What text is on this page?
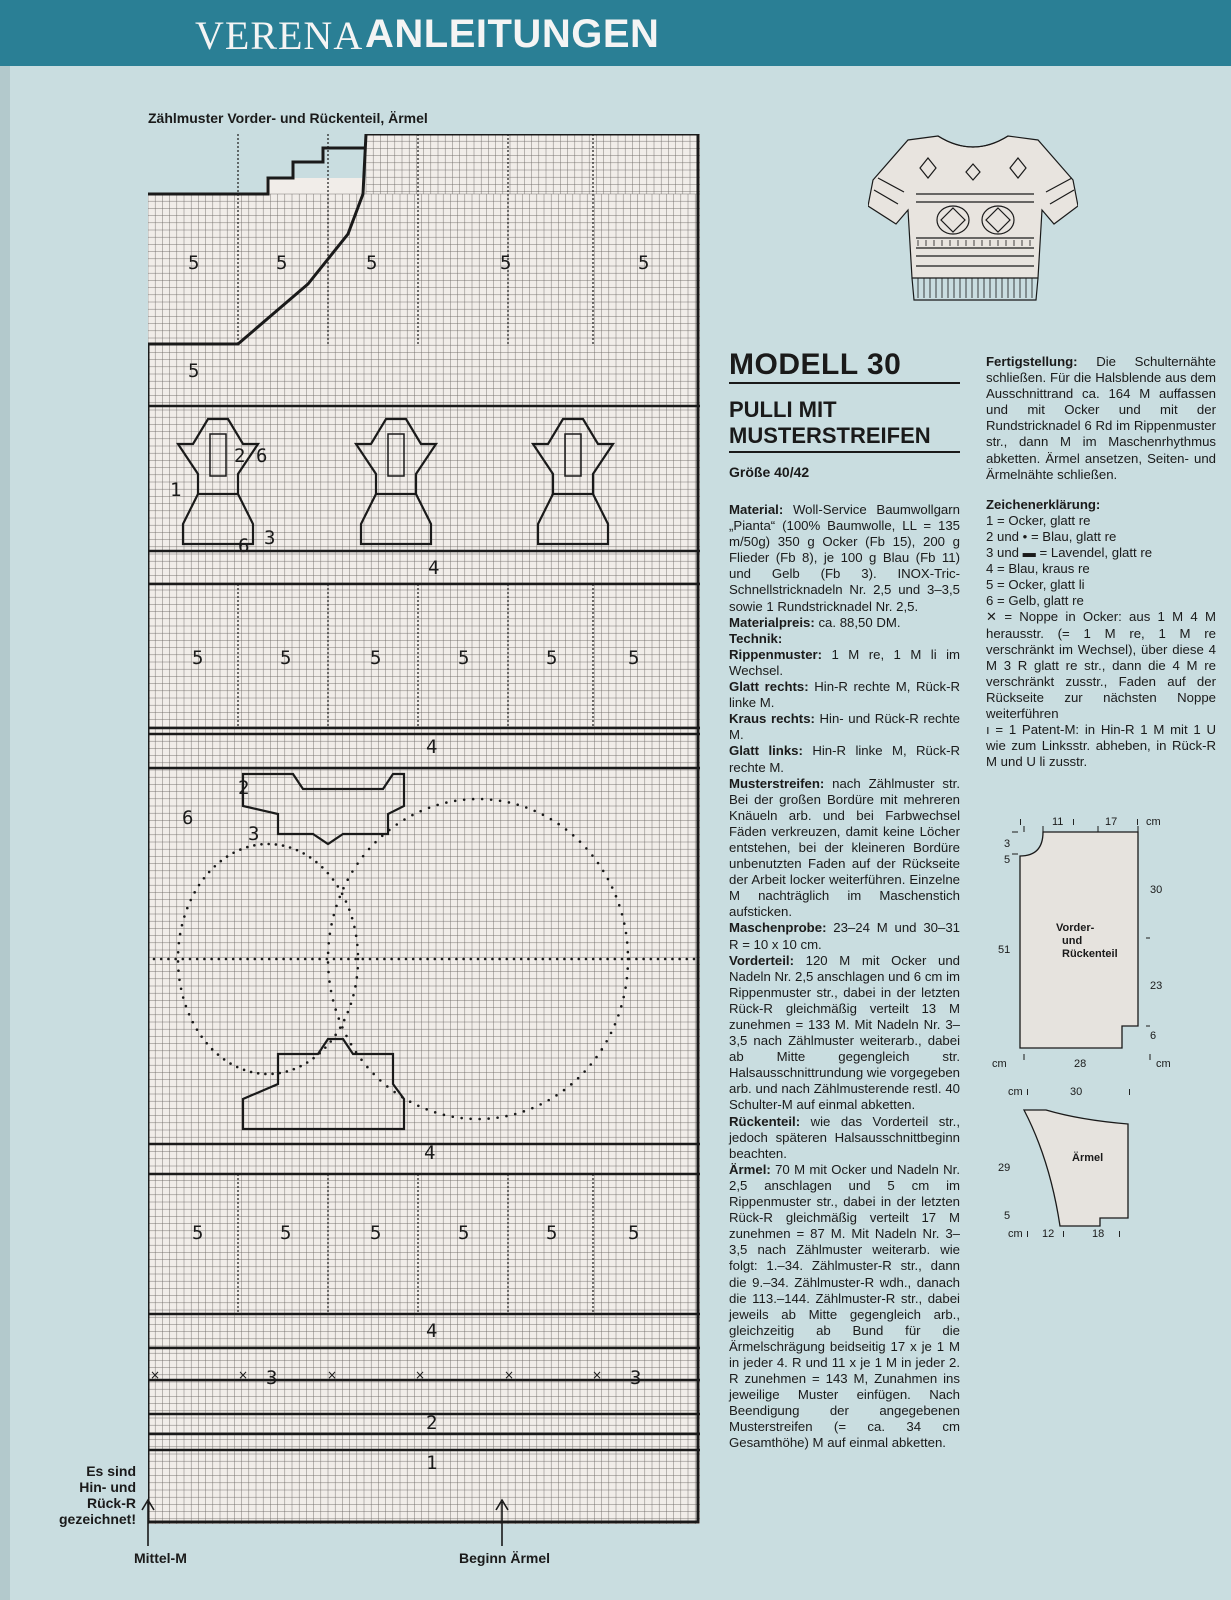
VERENA ANLEITUNGEN
Zählmuster Vorder- und Rückenteil, Ärmel
×	×	×	×	×	×
5	5	5	5	5
5
1
2 6
3
6
4
5	5	5	5	5	5
4
6
3
2
4
5	5	5	5	5	5
4
3	3
2
1
Es sind
Hin- und
Rück-R
gezeichnet!
Mittel-M	Beginn Ärmel
MODELL 30
PULLI MIT
MUSTERSTREIFEN
Größe 40/42

Material: Woll-Service Baumwollgarn „Pianta“ (100% Baumwolle, LL = 135 m/50g) 350 g Ocker (Fb 15), 200 g Flieder (Fb 8), je 100 g Blau (Fb 11) und Gelb (Fb 3). INOX-Tric-Schnellstricknadeln Nr. 2,5 und 3–3,5 sowie 1 Rundstricknadel Nr. 2,5.

Materialpreis: ca. 88,50 DM.

Technik:

Rippenmuster: 1 M re, 1 M li im Wechsel.

Glatt rechts: Hin-R rechte M, Rück-R linke M.

Kraus rechts: Hin- und Rück-R rechte M.

Glatt links: Hin-R linke M, Rück-R rechte M.

Musterstreifen: nach Zählmuster str. Bei der großen Bordüre mit mehreren Knäueln arb. und bei Farbwechsel Fäden verkreuzen, damit keine Löcher entstehen, bei der kleineren Bordüre unbenutzten Faden auf der Rückseite der Arbeit locker weiterführen. Einzelne M nachträglich im Maschenstich aufsticken.

Maschenprobe: 23–24 M und 30–31 R = 10 x 10 cm.

Vorderteil: 120 M mit Ocker und Nadeln Nr. 2,5 anschlagen und 6 cm im Rippenmuster str., dabei in der letzten Rück-R gleichmäßig verteilt 13 M zunehmen = 133 M. Mit Nadeln Nr. 3–3,5 nach Zählmuster weiterarb., dabei ab Mitte gegengleich str. Halsausschnittrundung wie vorgegeben arb. und nach Zählmusterende restl. 40 Schulter-M auf einmal abketten.

Rückenteil: wie das Vorderteil str., jedoch späteren Halsausschnittbeginn beachten.

Ärmel: 70 M mit Ocker und Nadeln Nr. 2,5 anschlagen und 5 cm im Rippenmuster str., dabei in der letzten Rück-R gleichmäßig verteilt 17 M zunehmen = 87 M. Mit Nadeln Nr. 3–3,5 nach Zählmuster weiterarb. wie folgt: 1.–34. Zählmuster-R str., dann die 9.–34. Zählmuster-R wdh., danach die 113.–144. Zählmuster-R str., dabei jeweils ab Mitte gegengleich arb., gleichzeitig ab Bund für die Ärmelschrägung beidseitig 17 x je 1 M in jeder 4. R und 11 x je 1 M in jeder 2. R zunehmen = 143 M, Zunahmen ins jeweilige Muster einfügen. Nach Beendigung der angegebenen Musterstreifen (= ca. 34 cm Gesamthöhe) M auf einmal abketten.

Fertigstellung: Die Schulternähte schließen. Für die Halsblende aus dem Ausschnittrand ca. 164 M auffassen und mit Ocker und mit der Rundstricknadel 6 Rd im Rippenmuster str., dann M im Maschenrhythmus abketten. Ärmel ansetzen, Seiten- und Ärmelnähte schließen.

Zeichenerklärung:

1 = Ocker, glatt re

2 und • = Blau, glatt re

3 und ▬ = Lavendel, glatt re

4 = Blau, kraus re

5 = Ocker, glatt li

6 = Gelb, glatt re

✕ = Noppe in Ocker: aus 1 M 4 M herausstr. (= 1 M re, 1 M re verschränkt im Wechsel), über diese 4 M 3 R glatt re str., dann die 4 M re verschränkt zusstr., Faden auf der Rückseite zur nächsten Noppe weiterführen

ı = 1 Patent-M: in Hin-R 1 M mit 1 U wie zum Linksstr. abheben, in Rück-R M und U li zusstr.

ı	11 ı	17 ı cm
3
5
51
30
23
6
cm	28	cm
Vorder-
und
Rückenteil
cm ı	30	ı
29
5
cm ı 12 ı 18 ı
Ärmel
